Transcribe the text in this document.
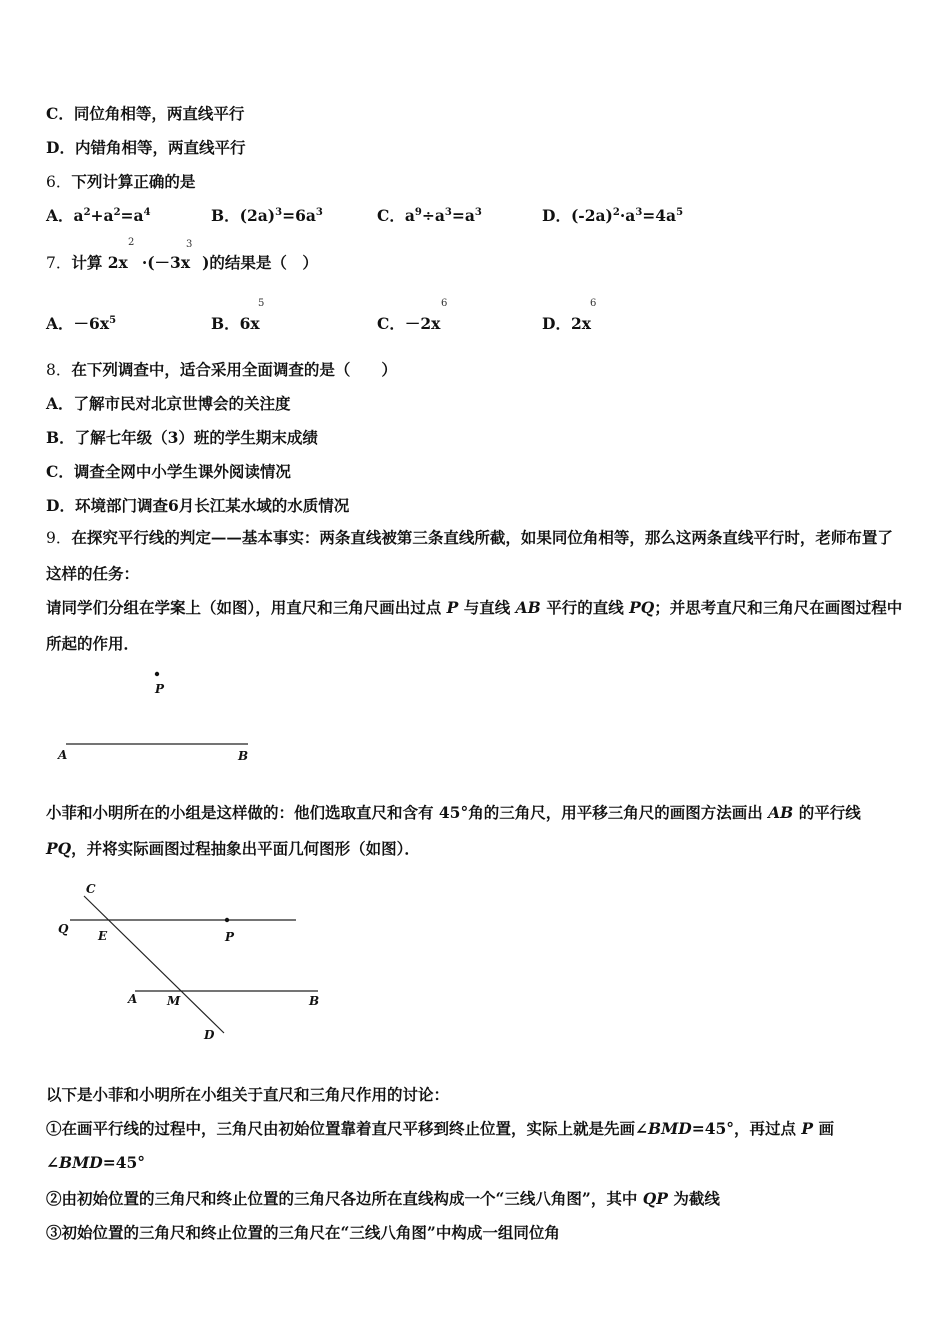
C．同位角相等，两直线平行
D．内错角相等，两直线平行
6．下列计算正确的是
A．$a^2+a^2=a^4$	B．$(2a)^3=6a^3$	C．$a^9\div a^3=a^3$	D．$(-2a)^2\cdot a^3=4a^5$
7．计算 2x ·(－3x )的结果是（　）
2	3
A．$-6x^5$	B．6x
5
C．－2x
6
D．2x
6
8．在下列调查中，适合采用全面调查的是（　　）
A．了解市民对北京世博会的关注度
B．了解七年级（3）班的学生期末成绩
C．调查全网中小学生课外阅读情况
D．环境部门调查6月长江某水域的水质情况
9．在探究平行线的判定——基本事实：两条直线被第三条直线所截，如果同位角相等，那么这两条直线平行时，老师布置了这样的任务：
请同学们分组在学案上（如图），用直尺和三角尺画出过点 P 与直线 AB 平行的直线 PQ；并思考直尺和三角尺在画图过程中所起的作用．
P
A	B
小菲和小明所在的小组是这样做的：他们选取直尺和含有 45°角的三角尺，用平移三角尺的画图方法画出 AB 的平行线 PQ，并将实际画图过程抽象出平面几何图形（如图）．
C
Q E	P
A M	B
D
以下是小菲和小明所在小组关于直尺和三角尺作用的讨论：
①在画平行线的过程中，三角尺由初始位置靠着直尺平移到终止位置，实际上就是先画∠BMD=45°，再过点 P 画
∠BMD=45°
②由初始位置的三角尺和终止位置的三角尺各边所在直线构成一个“三线八角图”，其中 QP 为截线
③初始位置的三角尺和终止位置的三角尺在“三线八角图”中构成一组同位角
